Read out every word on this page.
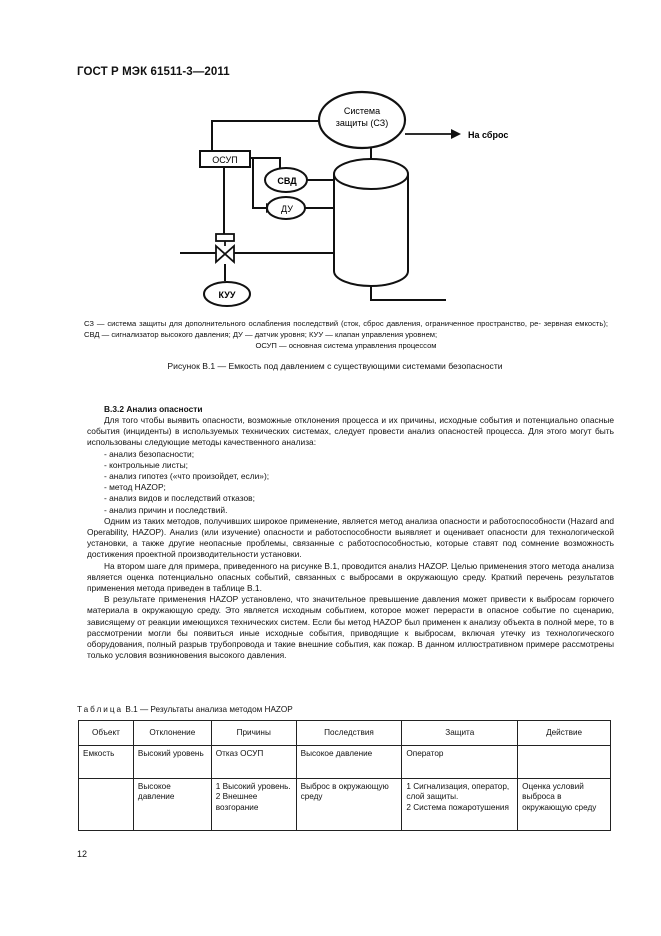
ГОСТ Р МЭК 61511-3—2011
Система
защиты (СЗ)
На сброс
ОСУП
СВД
ДУ
КУУ
СЗ — система защиты для дополнительного ослабления последствий (сток, сброс давления, ограниченное пространство, ре- зервная емкость); СВД — сигнализатор высокого давления; ДУ — датчик уровня; КУУ — клапан управления уровнем;
ОСУП — основная система управления процессом
Рисунок В.1 — Емкость под давлением с существующими системами безопасности
В.3.2 Анализ опасности

Для того чтобы выявить опасности, возможные отклонения процесса и их причины, исходные события и потенциально опасные события (инциденты) в используемых технических системах, следует провести анализ опасностей процесса. Для этого могут быть использованы следующие методы качественного анализа:

- анализ безопасности;
- контрольные листы;
- анализ гипотез («что произойдет, если»);
- метод HAZOP;
- анализ видов и последствий отказов;
- анализ причин и последствий.

Одним из таких методов, получивших широкое применение, является метод анализа опасности и работоспособности (Hazard and Operability, HAZOP). Анализ (или изучение) опасности и работоспособности выявляет и оценивает опасности для технологической установки, а также другие неопасные проблемы, связанные с работоспособностью, которые ставят под сомнение возможность достижения проектной производительности установки.

На втором шаге для примера, приведенного на рисунке В.1, проводится анализ HAZOP. Целью применения этого метода анализа является оценка потенциально опасных событий, связанных с выбросами в окружающую среду. Краткий перечень результатов применения метода приведен в таблице В.1.

В результате применения HAZOP установлено, что значительное превышение давления может привести к выбросам горючего материала в окружающую среду. Это является исходным событием, которое может перерасти в опасное событие по сценарию, зависящему от реакции имеющихся технических систем. Если бы метод HAZOP был применен к анализу объекта в полной мере, то в рассмотрении могли бы появиться иные исходные события, приводящие к выбросам, включая утечку из технологического оборудования, полный разрыв трубопровода и такие внешние события, как пожар. В данном иллюстративном примере рассмотрены только условия возникновения высокого давления.

Таблица В.1 — Результаты анализа методом HAZOP
Объект	Отклонение	Причины	Последствия	Защита	Действие
Емкость	Высокий уровень	Отказ ОСУП	Высокое давление	Оператор	
	Высокое давление	1 Высокий уровень.
2 Внешнее возгорание	Выброс в окружающую среду	1 Сигнализация, оператор, слой защиты.
2 Система пожаротушения	Оценка условий выброса в окружающую среду
12
